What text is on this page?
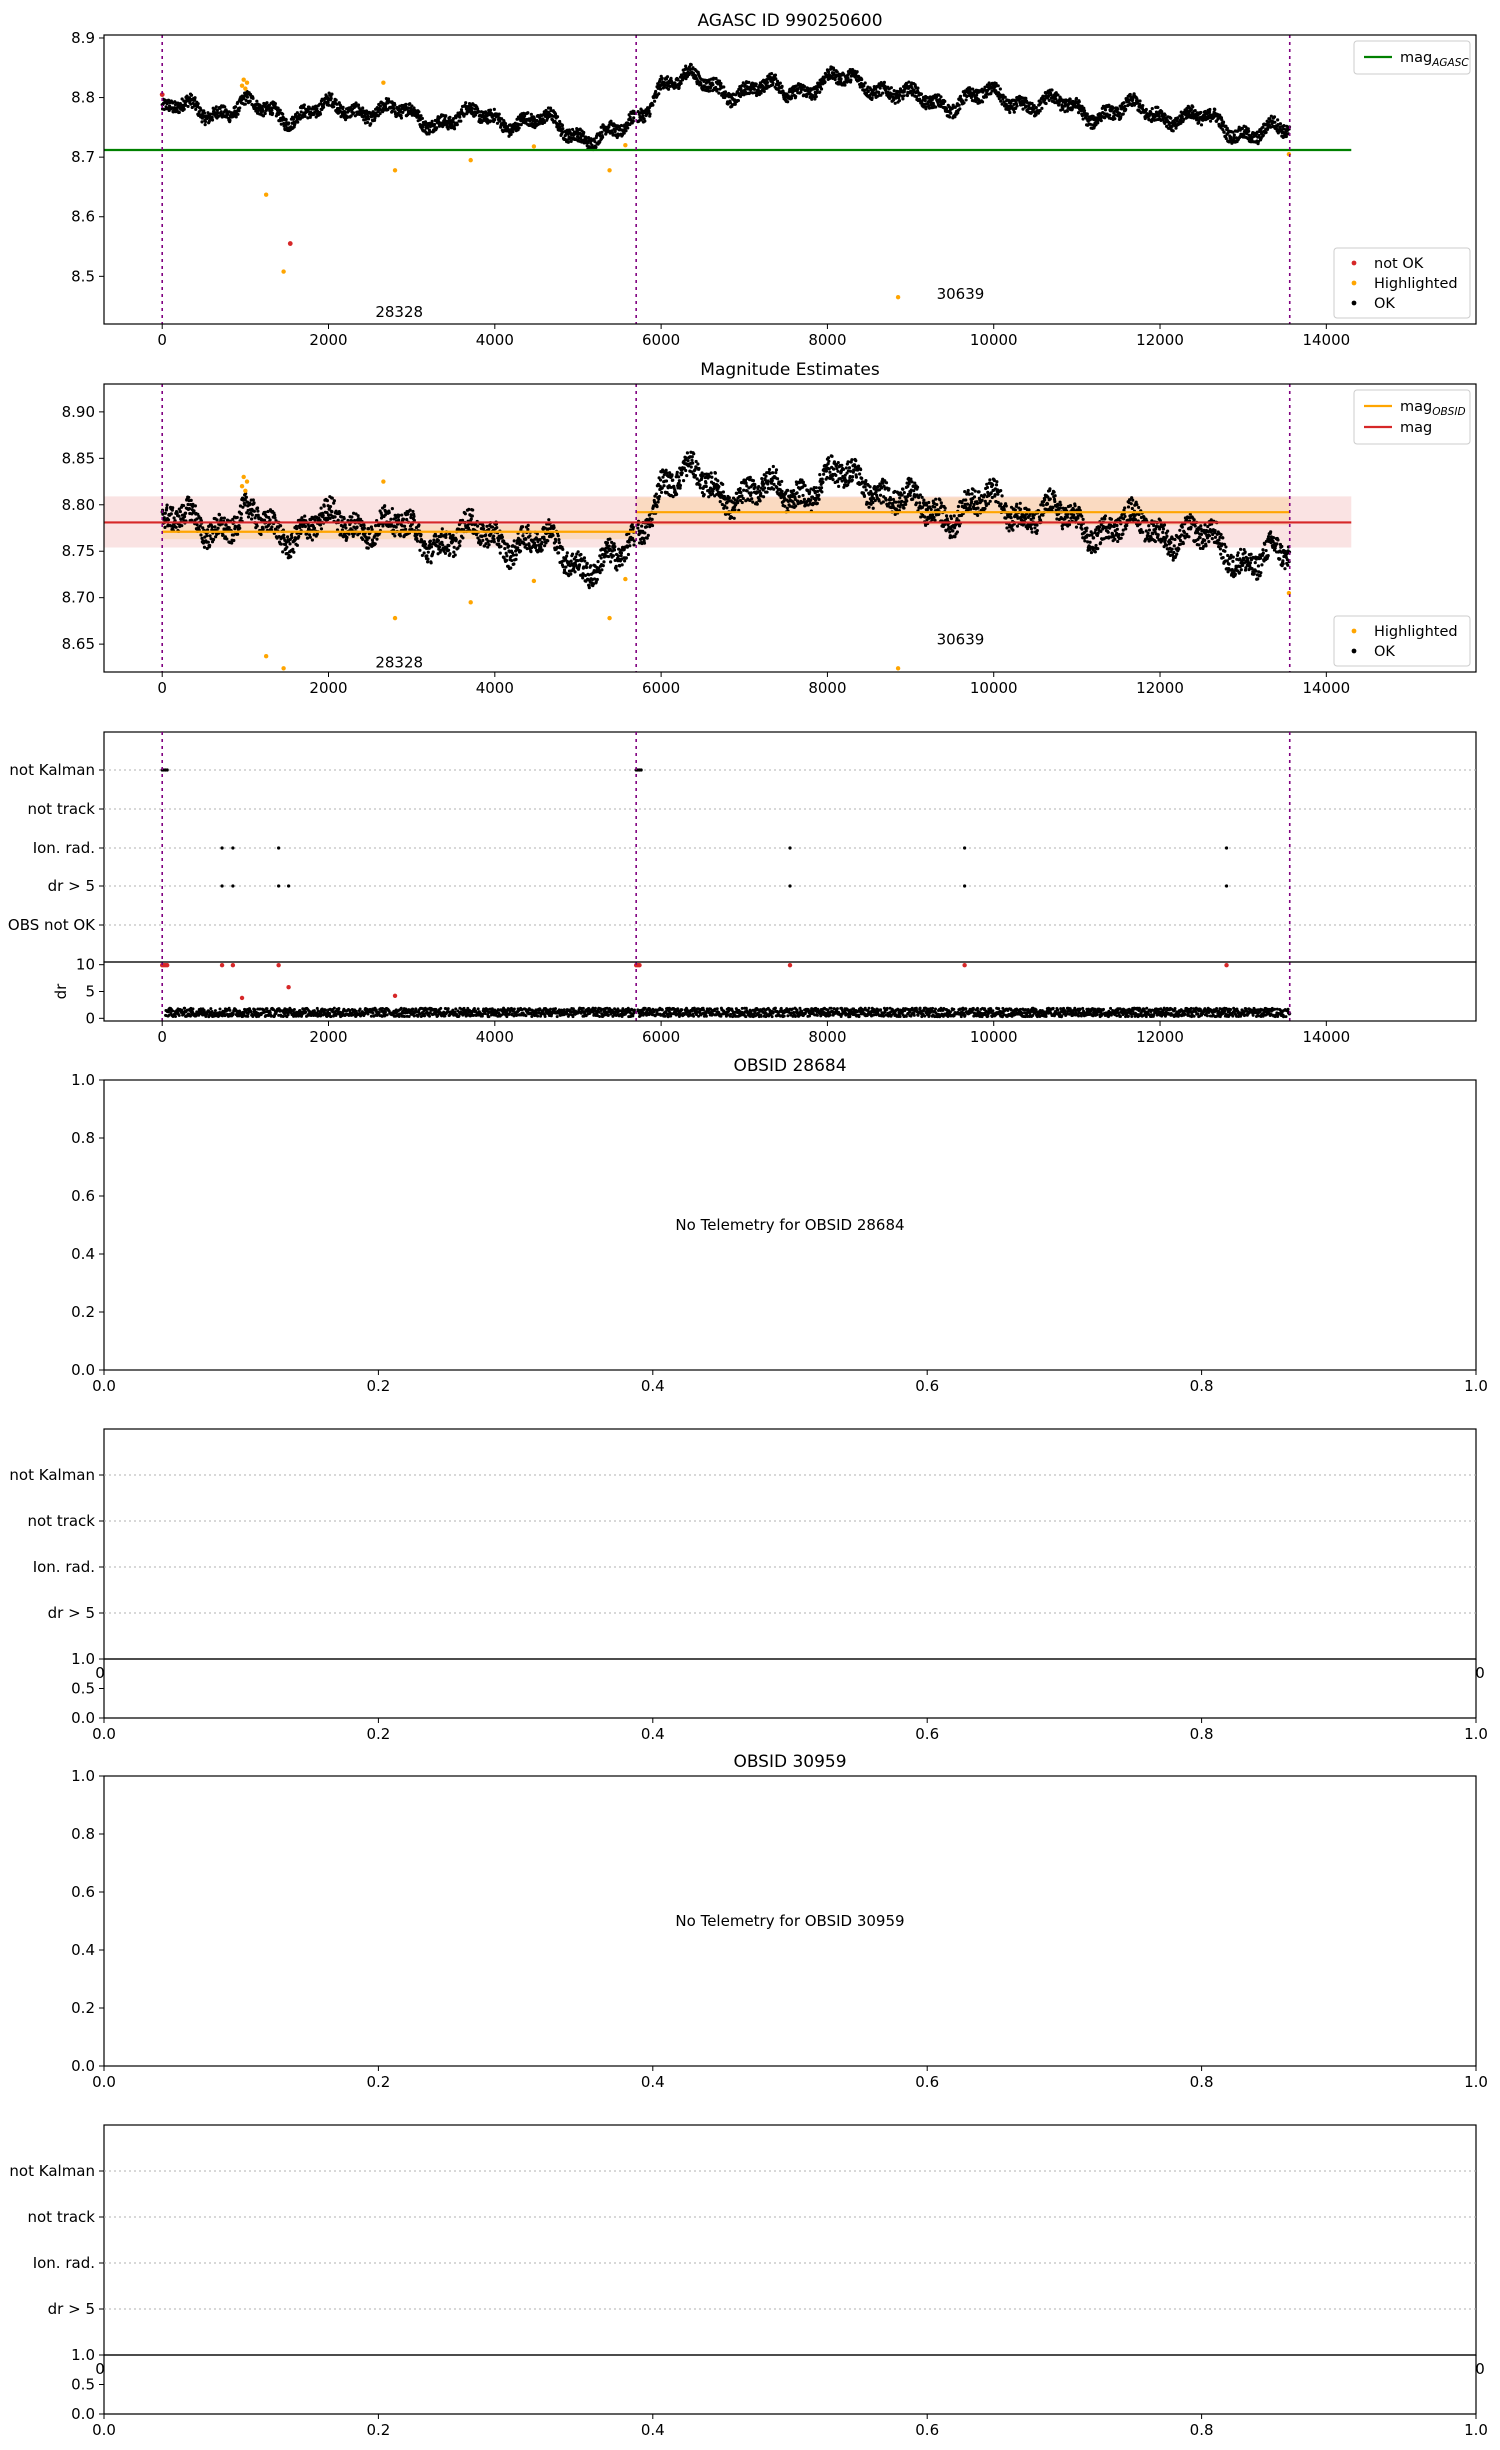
28328
30639
0	2000	4000	6000	8000	10000	12000	14000
8.5
8.6
8.7
8.8
8.9
AGASC ID 990250600
mag$_{AGASC}$
not OK
Highlighted
OK
28328
30639
0	2000	4000	6000	8000	10000	12000	14000
8.65
8.70
8.75
8.80
8.85
8.90
Magnitude Estimates
mag$_{OBSID}$
mag
Highlighted
OK
not Kalman
not track
Ion. rad.
dr > 5
OBS not OK
0	2000	4000	6000	8000	10000	12000	14000
0
5
10
dr
0.0	0.2	0.4	0.6	0.8	1.0
0.0
0.2
0.4
0.6
0.8
1.0
OBSID 28684
No Telemetry for OBSID 28684
not Kalman
not track
Ion. rad.
dr > 5
0	0
0.0
0.5
1.0
0.0	0.2	0.4	0.6	0.8	1.0
0.0	0.2	0.4	0.6	0.8	1.0
0.0
0.2
0.4
0.6
0.8
1.0
OBSID 30959
No Telemetry for OBSID 30959
not Kalman
not track
Ion. rad.
dr > 5
0	0
0.0
0.5
1.0
0.0	0.2	0.4	0.6	0.8	1.0
